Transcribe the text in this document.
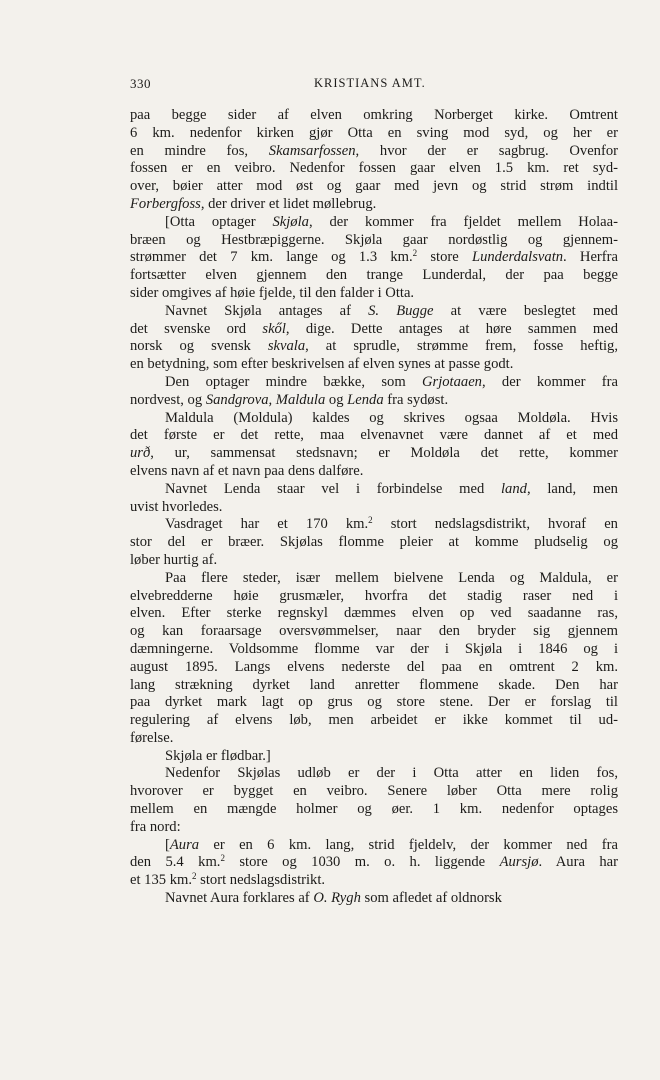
330	KRISTIANS AMT.
paa begge sider af elven omkring Norberget kirke. Omtrent
6 km. nedenfor kirken gjør Otta en sving mod syd, og her er
en mindre fos, Skamsarfossen, hvor der er sagbrug. Ovenfor
fossen er en veibro. Nedenfor fossen gaar elven 1.5 km. ret syd-
over, bøier atter mod øst og gaar med jevn og strid strøm indtil
Forbergfoss, der driver et lidet møllebrug.
[Otta optager Skjøla, der kommer fra fjeldet mellem Holaa-
bræen og Hestbræpiggerne. Skjøla gaar nordøstlig og gjennem-
strømmer det 7 km. lange og 1.3 km.$^2$ store Lunderdalsvatn. Herfra
fortsætter elven gjennem den trange Lunderdal, der paa begge
sider omgives af høie fjelde, til den falder i Otta.
Navnet Skjøla antages af S. Bugge at være beslegtet med
det svenske ord skől, dige. Dette antages at høre sammen med
norsk og svensk skvala, at sprudle, strømme frem, fosse heftig,
en betydning, som efter beskrivelsen af elven synes at passe godt.
Den optager mindre bække, som Grjotaaen, der kommer fra
nordvest, og Sandgrova, Maldula og Lenda fra sydøst.
Maldula (Moldula) kaldes og skrives ogsaa Moldøla. Hvis
det første er det rette, maa elvenavnet være dannet af et med
urð, ur, sammensat stedsnavn; er Moldøla det rette, kommer
elvens navn af et navn paa dens dalføre.
Navnet Lenda staar vel i forbindelse med land, land, men
uvist hvorledes.
Vasdraget har et 170 km.$^2$ stort nedslagsdistrikt, hvoraf en
stor del er bræer. Skjølas flomme pleier at komme pludselig og
løber hurtig af.
Paa flere steder, især mellem bielvene Lenda og Maldula, er
elvebredderne høie grusmæler, hvorfra det stadig raser ned i
elven. Efter sterke regnskyl dæmmes elven op ved saadanne ras,
og kan foraarsage oversvømmelser, naar den bryder sig gjennem
dæmningerne. Voldsomme flomme var der i Skjøla i 1846 og i
august 1895. Langs elvens nederste del paa en omtrent 2 km.
lang strækning dyrket land anretter flommene skade. Den har
paa dyrket mark lagt op grus og store stene. Der er forslag til
regulering af elvens løb, men arbeidet er ikke kommet til ud-
førelse.
Skjøla er flødbar.]
Nedenfor Skjølas udløb er der i Otta atter en liden fos,
hvorover er bygget en veibro. Senere løber Otta mere rolig
mellem en mængde holmer og øer. 1 km. nedenfor optages
fra nord:
[Aura er en 6 km. lang, strid fjeldelv, der kommer ned fra
den 5.4 km.$^2$ store og 1030 m. o. h. liggende Aursjø. Aura har
et 135 km.$^2$ stort nedslagsdistrikt.
Navnet Aura forklares af O. Rygh som afledet af oldnorsk
